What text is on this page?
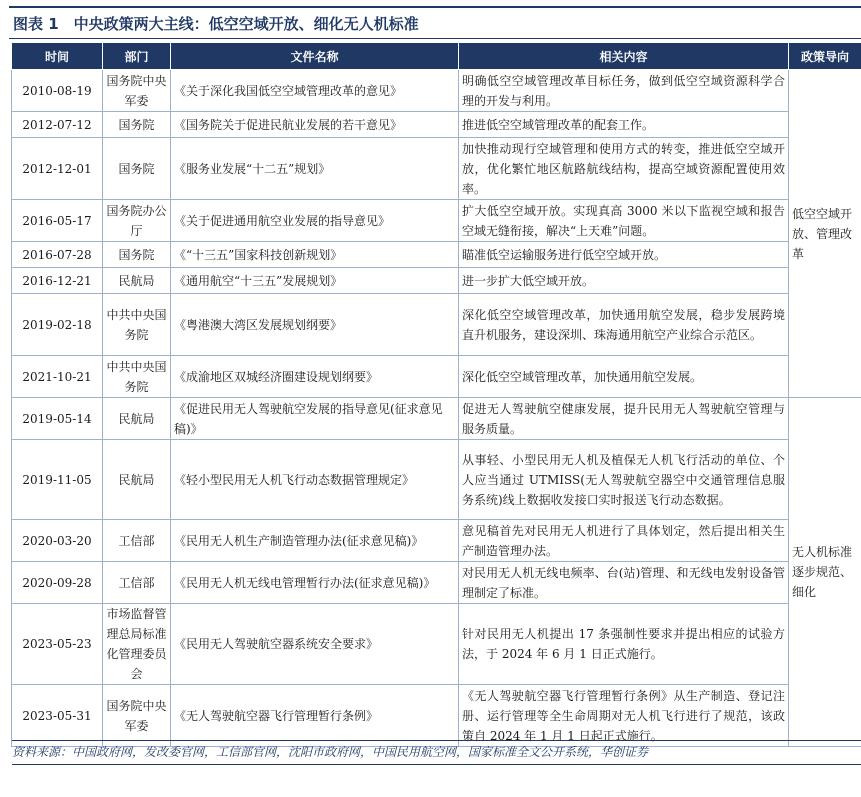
图表 1　中央政策两大主线：低空空域开放、细化无人机标准
时间	部门	文件名称	相关内容	政策导向
2010-08-19	国务院中央军委	《关于深化我国低空空域管理改革的意见》	明确低空空域管理改革目标任务，做到低空空域资源科学合理的开发与利用。	低空空域开放、管理改革
2012-07-12	国务院	《国务院关于促进民航业发展的若干意见》	推进低空空域管理改革的配套工作。	
2012-12-01	国务院	《服务业发展“十二五”规划》	加快推动现行空域管理和使用方式的转变，推进低空空域开放，优化繁忙地区航路航线结构，提高空域资源配置使用效率。	
2016-05-17	国务院办公厅	《关于促进通用航空业发展的指导意见》	扩大低空空域开放。实现真高 3000 米以下监视空域和报告空域无缝衔接，解决“上天难”问题。	
2016-07-28	国务院	《“十三五”国家科技创新规划》	瞄准低空运输服务进行低空空域开放。	
2016-12-21	民航局	《通用航空“十三五”发展规划》	进一步扩大低空域开放。	
2019-02-18	中共中央国务院	《粤港澳大湾区发展规划纲要》	深化低空空域管理改革，加快通用航空发展，稳步发展跨境直升机服务，建设深圳、珠海通用航空产业综合示范区。	
2021-10-21	中共中央国务院	《成渝地区双城经济圈建设规划纲要》	深化低空空域管理改革，加快通用航空发展。	
2019-05-14	民航局	《促进民用无人驾驶航空发展的指导意见(征求意见稿)》	促进无人驾驶航空健康发展，提升民用无人驾驶航空管理与服务质量。	无人机标准逐步规范、细化
2019-11-05	民航局	《轻小型民用无人机飞行动态数据管理规定》	从事轻、小型民用无人机及植保无人机飞行活动的单位、个人应当通过 UTMISS(无人驾驶航空器空中交通管理信息服务系统)线上数据收发接口实时报送飞行动态数据。	
2020-03-20	工信部	《民用无人机生产制造管理办法(征求意见稿)》	意见稿首先对民用无人机进行了具体划定，然后提出相关生产制造管理办法。	
2020-09-28	工信部	《民用无人机无线电管理暂行办法(征求意见稿)》	对民用无人机无线电频率、台(站)管理、和无线电发射设备管理制定了标准。	
2023-05-23	市场监督管理总局标准化管理委员会	《民用无人驾驶航空器系统安全要求》	针对民用无人机提出 17 条强制性要求并提出相应的试验方法，于 2024 年 6 月 1 日正式施行。	
2023-05-31	国务院中央军委	《无人驾驶航空器飞行管理暂行条例》	《无人驾驶航空器飞行管理暂行条例》从生产制造、登记注册、运行管理等全生命周期对无人机飞行进行了规范，该政策自 2024 年 1 月 1 日起正式施行。	
资料来源：中国政府网，发改委官网，工信部官网，沈阳市政府网，中国民用航空网，国家标准全文公开系统，华创证券
